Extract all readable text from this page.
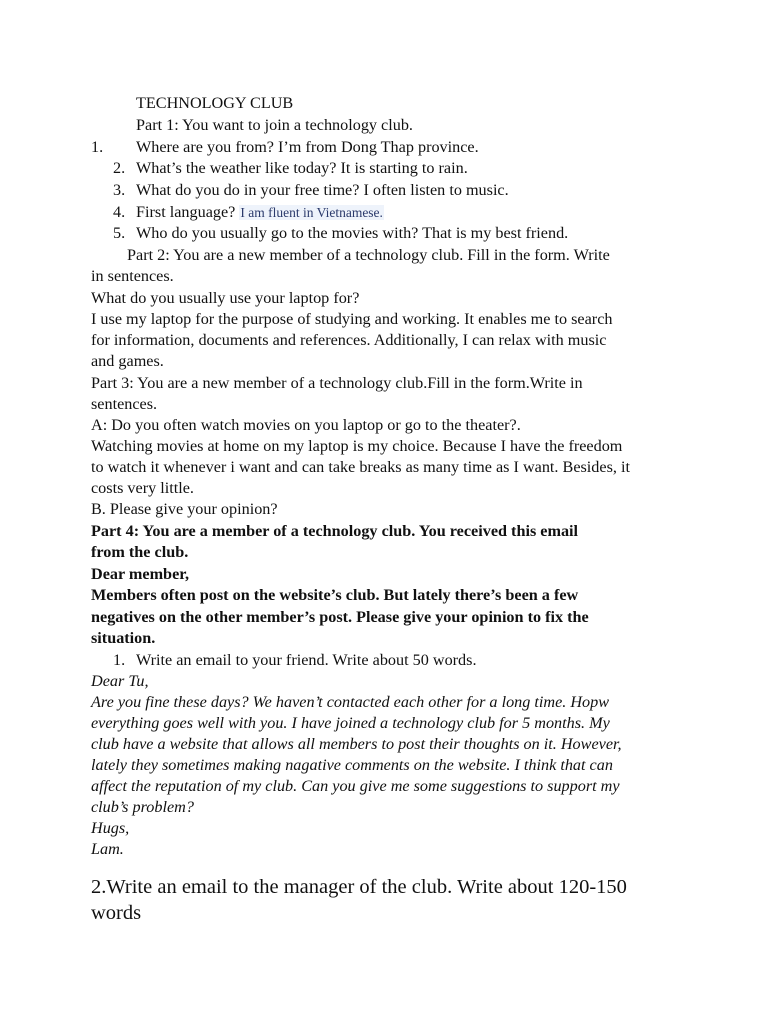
TECHNOLOGY CLUB
Part 1: You want to join a technology club.
1. Where are you from? I’m from Dong Thap province.
2. What’s the weather like today? It is starting to rain.
3. What do you do in your free time? I often listen to music.
4. First language? I am fluent in Vietnamese.
5. Who do you usually go to the movies with? That is my best friend.
Part 2: You are a new member of a technology club. Fill in the form. Write
in sentences.
What do you usually use your laptop for?
I use my laptop for the purpose of studying and working. It enables me to search
for information, documents and references. Additionally, I can relax with music
and games.
Part 3: You are a new member of a technology club.Fill in the form.Write in
sentences.
A: Do you often watch movies on you laptop or go to the theater?.
Watching movies at home on my laptop is my choice. Because I have the freedom
to watch it whenever i want and can take breaks as many time as I want. Besides, it
costs very little.
B. Please give your opinion?
Part 4: You are a member of a technology club. You received this email
from the club.
Dear member,
Members often post on the website’s club. But lately there’s been a few
negatives on the other member’s post. Please give your opinion to fix the
situation.
1. Write an email to your friend. Write about 50 words.
Dear Tu,
Are you fine these days? We haven’t contacted each other for a long time. Hopw
everything goes well with you. I have joined a technology club for 5 months. My
club have a website that allows all members to post their thoughts on it. However,
lately they sometimes making nagative comments on the website. I think that can
affect the reputation of my club. Can you give me some suggestions to support my
club’s problem?
Hugs,
Lam.
2.Write an email to the manager of the club. Write about 120-150
words
